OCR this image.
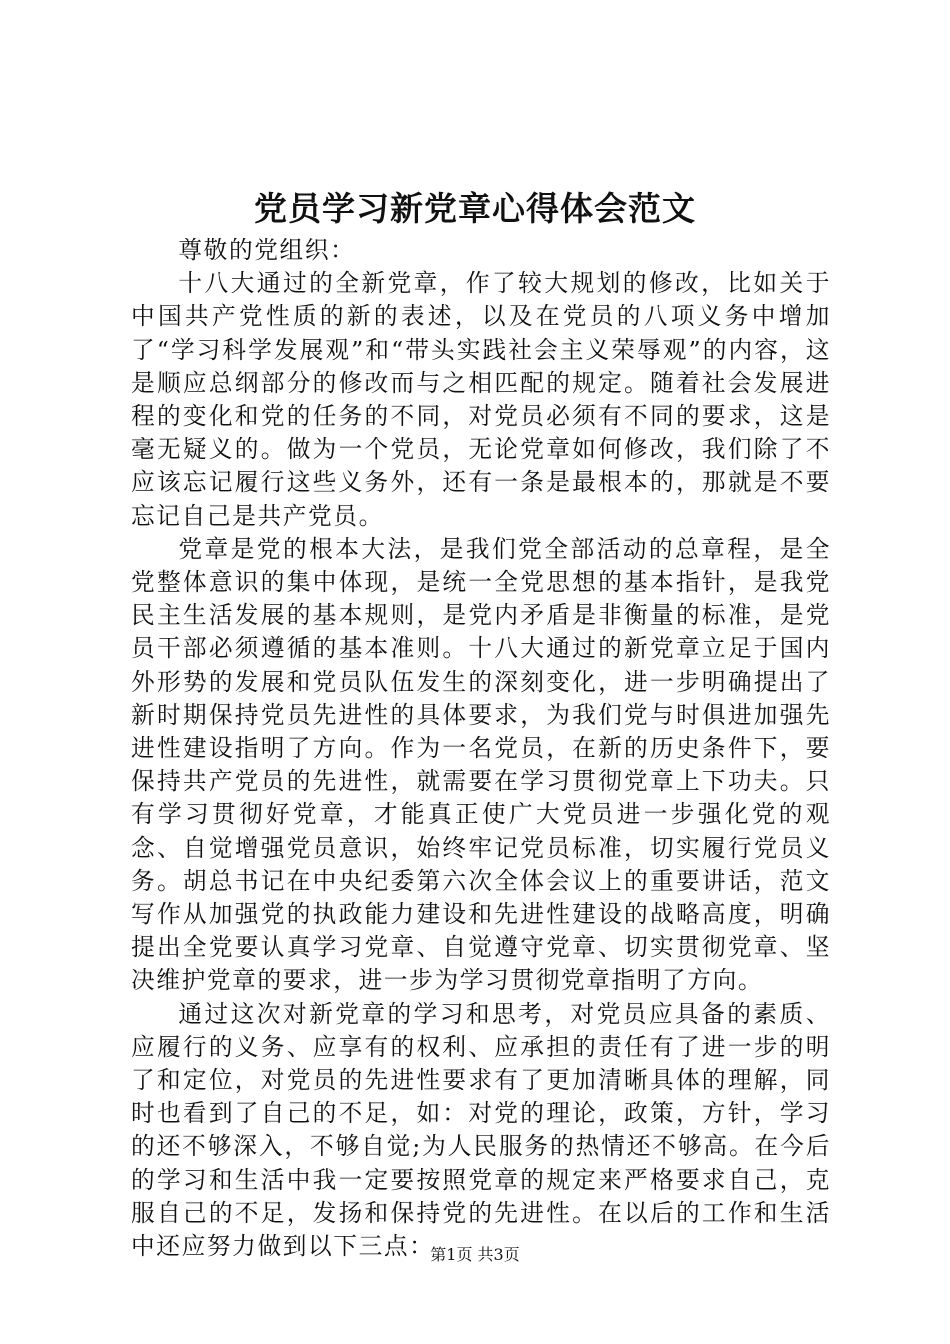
党员学习新党章心得体会范文

尊敬的党组织：

十八大通过的全新党章，作了较大规划的修改，比如关于中国共产党性质的新的表述，以及在党员的八项义务中增加了“学习科学发展观”和“带头实践社会主义荣辱观”的内容，这是顺应总纲部分的修改而与之相匹配的规定。随着社会发展进程的变化和党的任务的不同，对党员必须有不同的要求，这是毫无疑义的。做为一个党员，无论党章如何修改，我们除了不应该忘记履行这些义务外，还有一条是最根本的，那就是不要忘记自己是共产党员。

党章是党的根本大法，是我们党全部活动的总章程，是全党整体意识的集中体现，是统一全党思想的基本指针，是我党民主生活发展的基本规则，是党内矛盾是非衡量的标准，是党员干部必须遵循的基本准则。十八大通过的新党章立足于国内外形势的发展和党员队伍发生的深刻变化，进一步明确提出了新时期保持党员先进性的具体要求，为我们党与时俱进加强先进性建设指明了方向。作为一名党员，在新的历史条件下，要保持共产党员的先进性，就需要在学习贯彻党章上下功夫。只有学习贯彻好党章，才能真正使广大党员进一步强化党的观念、自觉增强党员意识，始终牢记党员标准，切实履行党员义务。胡总书记在中央纪委第六次全体会议上的重要讲话，范文写作从加强党的执政能力建设和先进性建设的战略高度，明确提出全党要认真学习党章、自觉遵守党章、切实贯彻党章、坚决维护党章的要求，进一步为学习贯彻党章指明了方向。

通过这次对新党章的学习和思考，对党员应具备的素质、应履行的义务、应享有的权利、应承担的责任有了进一步的明了和定位，对党员的先进性要求有了更加清晰具体的理解，同时也看到了自己的不足，如：对党的理论，政策，方针，学习的还不够深入，不够自觉;为人民服务的热情还不够高。在今后的学习和生活中我一定要按照党章的规定来严格要求自己，克服自己的不足，发扬和保持党的先进性。在以后的工作和生活中还应努力做到以下三点：

第1页 共3页
